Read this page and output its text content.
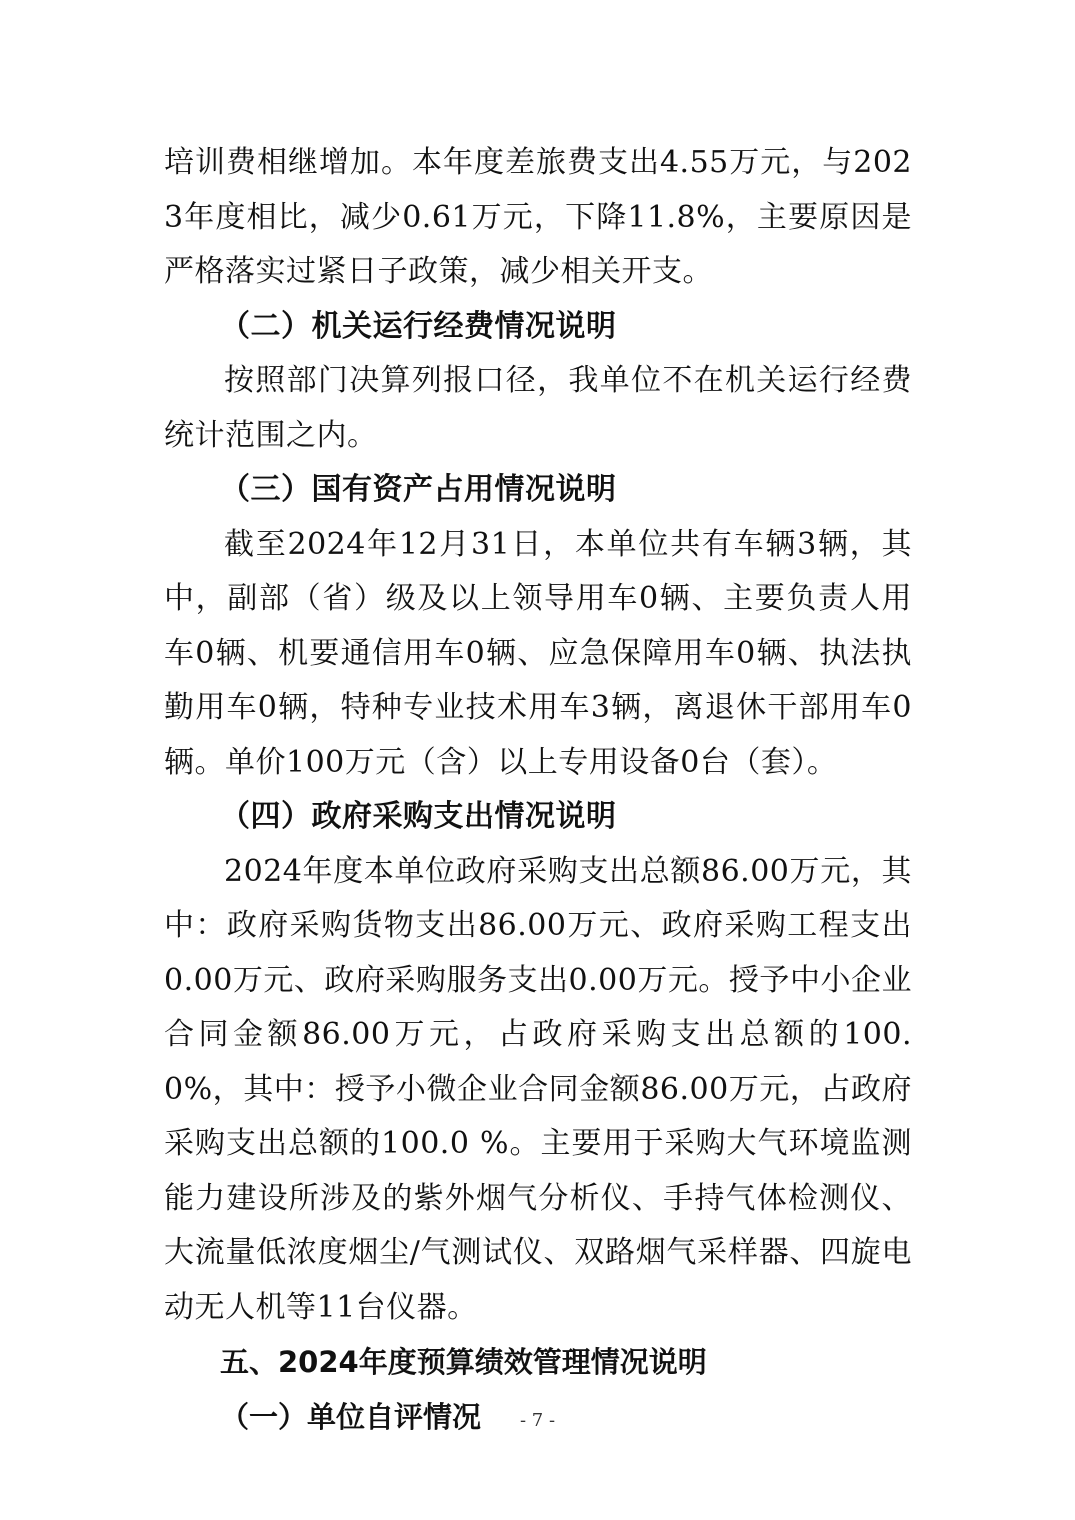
培训费相继增加。本年度差旅费支出4.55万元，与2023年度相比，减少0.61万元，下降11.8%，主要原因是严格落实过紧日子政策，减少相关开支。

（二）机关运行经费情况说明

按照部门决算列报口径，我单位不在机关运行经费统计范围之内。

（三）国有资产占用情况说明

截至2024年12月31日，本单位共有车辆3辆，其中，副部（省）级及以上领导用车0辆、主要负责人用车0辆、机要通信用车0辆、应急保障用车0辆、执法执勤用车0辆，特种专业技术用车3辆，离退休干部用车0辆。单价100万元（含）以上专用设备0台（套）。

（四）政府采购支出情况说明

2024年度本单位政府采购支出总额86.00万元，其中：政府采购货物支出86.00万元、政府采购工程支出0.00万元、政府采购服务支出0.00万元。授予中小企业合同金额86.00万元，占政府采购支出总额的100.0%，其中：授予小微企业合同金额86.00万元，占政府采购支出总额的100.0 %。主要用于采购大气环境监测能力建设所涉及的紫外烟气分析仪、手持气体检测仪、大流量低浓度烟尘/气测试仪、双路烟气采样器、四旋电动无人机等11台仪器。

五、2024年度预算绩效管理情况说明

（一）单位自评情况	- 7 -
